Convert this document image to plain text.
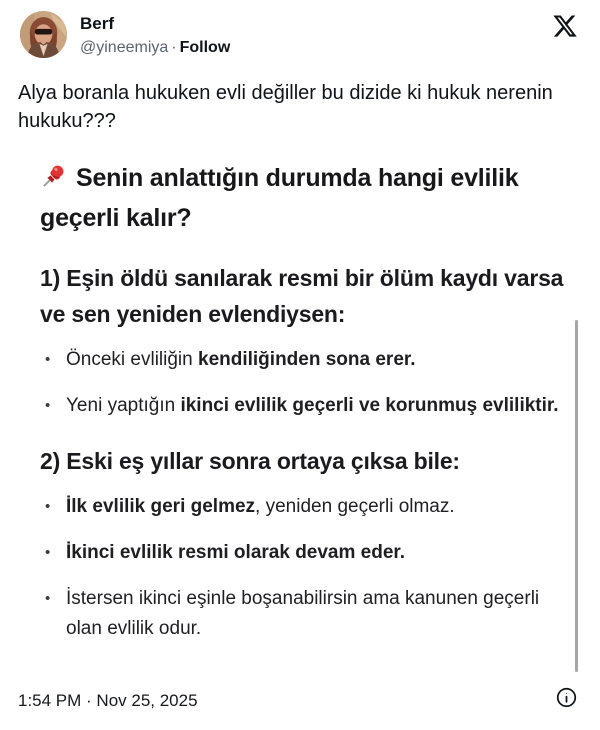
Berf
@yineemiya · Follow
Alya boranla hukuken evli değiller bu dizide ki hukuk nerenin hukuku???
Senin anlattığın durumda hangi evlilik geçerli kalır?
1) Eşin öldü sanılarak resmi bir ölüm kaydı varsa ve sen yeniden evlendiysen:
• Önceki evliliğin kendiliğinden sona erer.
• Yeni yaptığın ikinci evlilik geçerli ve korunmuş evliliktir.
2) Eski eş yıllar sonra ortaya çıksa bile:
• İlk evlilik geri gelmez, yeniden geçerli olmaz.
• İkinci evlilik resmi olarak devam eder.
• İstersen ikinci eşinle boşanabilirsin ama kanunen geçerli olan evlilik odur.
1:54 PM · Nov 25, 2025
